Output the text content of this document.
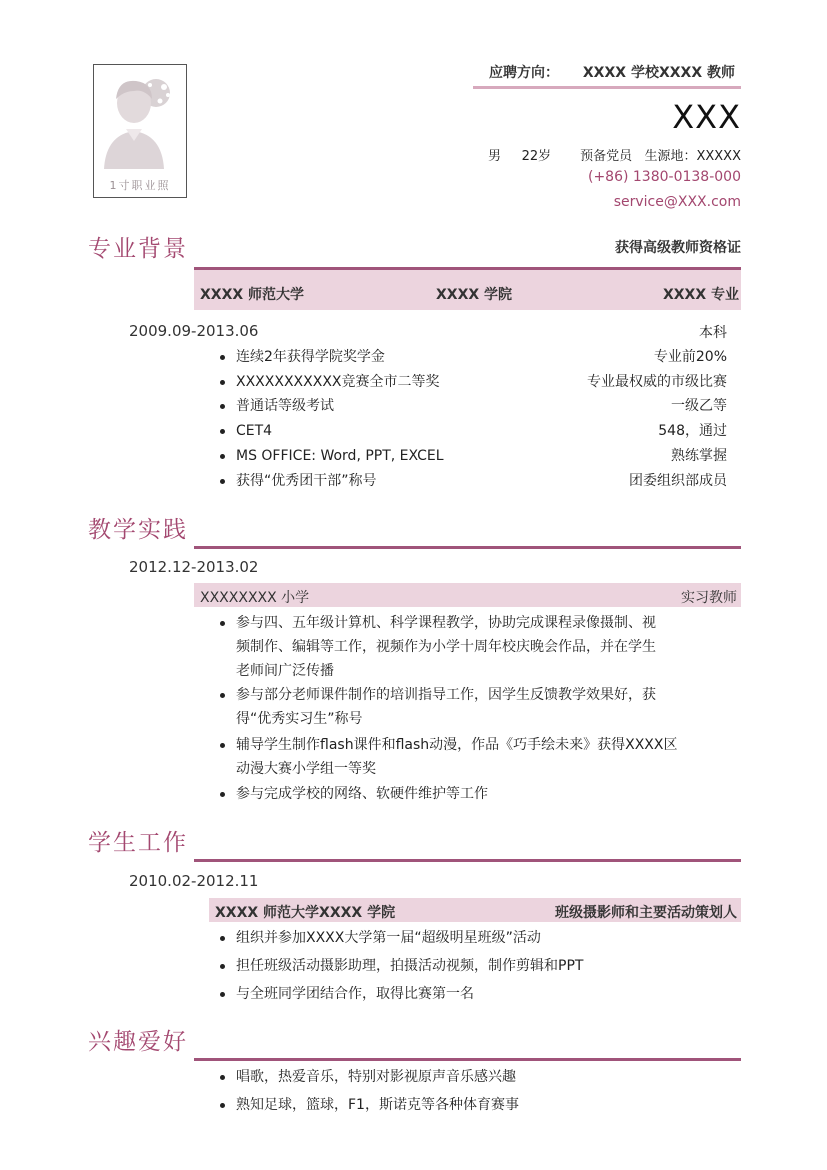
1寸职业照
应聘方向： XXXX 学校XXXX 教师
XXX
男     22岁       预备党员   生源地：XXXXX
(+86) 1380-0138-000
service@XXX.com
专业背景	获得高级教师资格证
XXXX 师范大学	XXXX 学院	XXXX 专业
2009.09-2013.06	本科
连续2年获得学院奖学金	专业前20%
XXXXXXXXXXX竞赛全市二等奖	专业最权威的市级比赛
普通话等级考试	一级乙等
CET4	548，通过
MS OFFICE: Word, PPT, EXCEL	熟练掌握
获得“优秀团干部”称号	团委组织部成员
教学实践
2012.12-2013.02
XXXXXXXX 小学	实习教师
参与四、五年级计算机、科学课程教学，协助完成课程录像摄制、视
频制作、编辑等工作，视频作为小学十周年校庆晚会作品，并在学生
老师间广泛传播
参与部分老师课件制作的培训指导工作，因学生反馈教学效果好，获
得“优秀实习生”称号
辅导学生制作flash课件和flash动漫，作品《巧手绘未来》获得XXXX区
动漫大赛小学组一等奖
参与完成学校的网络、软硬件维护等工作
学生工作
2010.02-2012.11
XXXX 师范大学XXXX 学院	班级摄影师和主要活动策划人
组织并参加XXXX大学第一届“超级明星班级”活动
担任班级活动摄影助理，拍摄活动视频，制作剪辑和PPT
与全班同学团结合作，取得比赛第一名
兴趣爱好
唱歌，热爱音乐，特别对影视原声音乐感兴趣
熟知足球，篮球，F1，斯诺克等各种体育赛事
